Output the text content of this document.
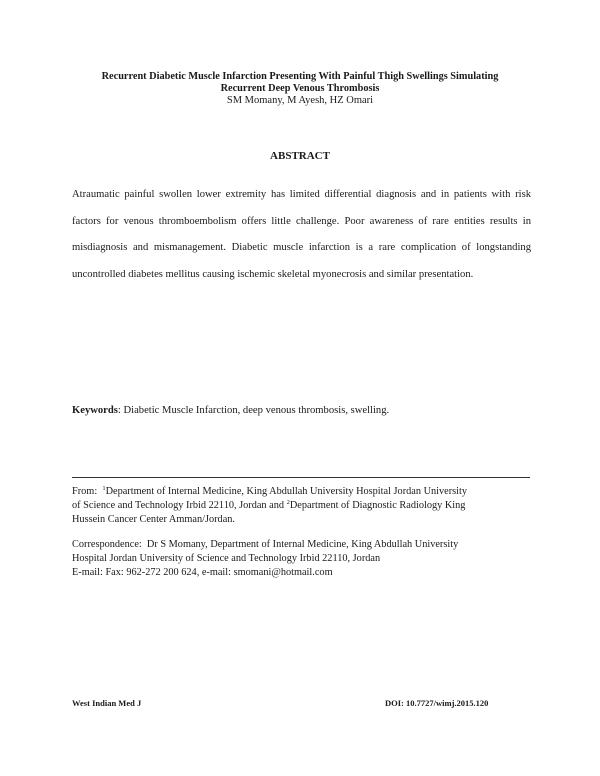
Recurrent Diabetic Muscle Infarction Presenting With Painful Thigh Swellings Simulating
Recurrent Deep Venous Thrombosis
SM Momany, M Ayesh, HZ Omari
ABSTRACT
Atraumatic painful swollen lower extremity has limited differential diagnosis and in patients with risk factors for venous thromboembolism offers little challenge. Poor awareness of rare entities results in misdiagnosis and mismanagement. Diabetic muscle infarction is a rare complication of longstanding uncontrolled diabetes mellitus causing ischemic skeletal myonecrosis and similar presentation.
Keywords: Diabetic Muscle Infarction, deep venous thrombosis, swelling.
From:  $^1$Department of Internal Medicine, King Abdullah University Hospital Jordan University
of Science and Technology Irbid 22110, Jordan and $^2$Department of Diagnostic Radiology King
Hussein Cancer Center Amman/Jordan.
Correspondence:  Dr S Momany, Department of Internal Medicine, King Abdullah University
Hospital Jordan University of Science and Technology Irbid 22110, Jordan
E-mail: Fax: 962-272 200 624, e-mail: smomani@hotmail.com
West Indian Med J	DOI: 10.7727/wimj.2015.120
